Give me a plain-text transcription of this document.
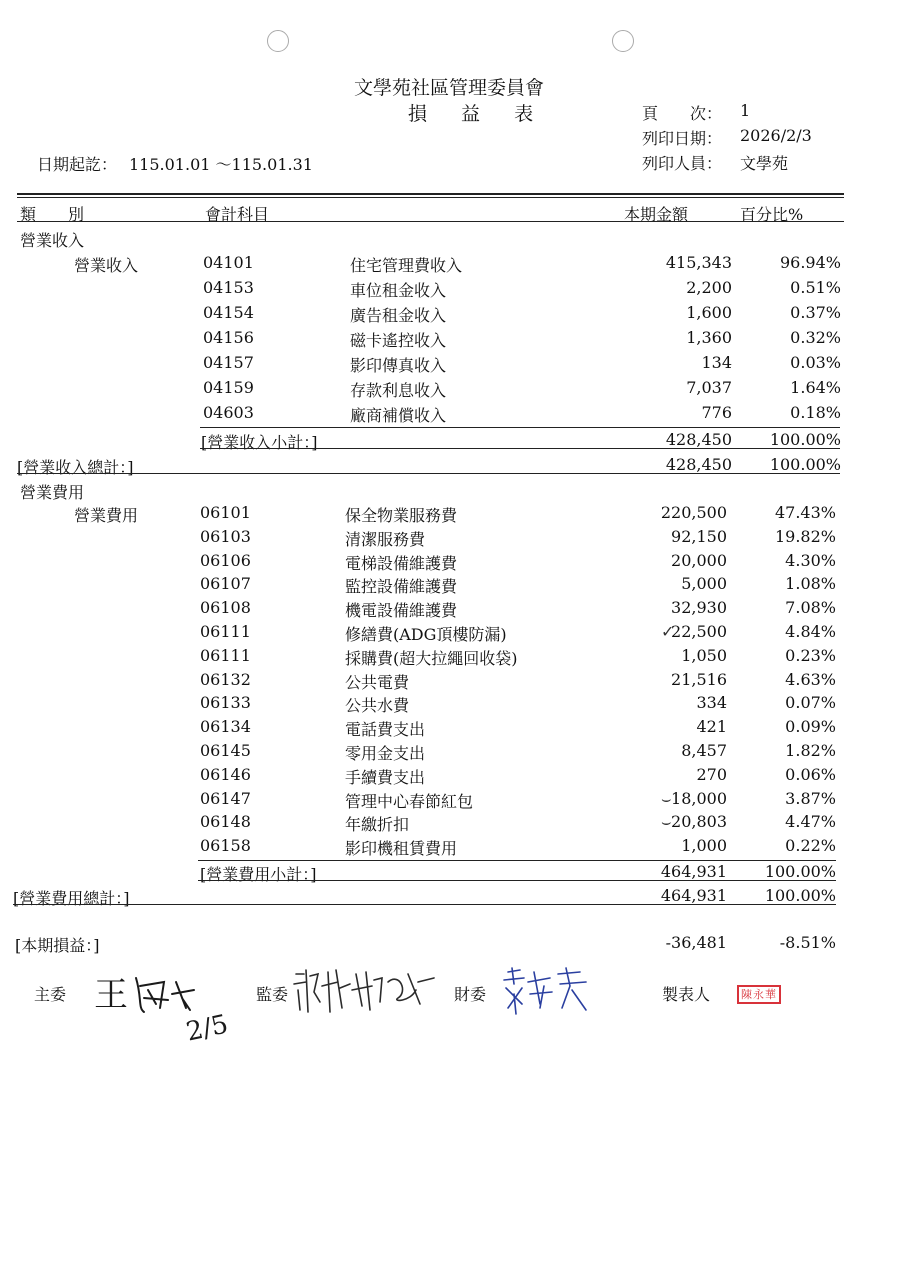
文學苑社區管理委員會
損 益 表	頁　　次： 1
列印日期： 2026/2/3
列印人員： 文學苑
日期起訖： 115.01.01 ～115.01.31
類　　別	會計科目	本期金額	百分比%
營業收入
營業收入	04101	住宅管理費收入	415,343	96.94%
04153	車位租金收入	2,200	0.51%
04154	廣告租金收入	1,600	0.37%
04156	磁卡遙控收入	1,360	0.32%
04157	影印傳真收入	134	0.03%
04159	存款利息收入	7,037	1.64%
04603	廠商補償收入	776	0.18%
[營業收入小計：]	428,450	100.00%
[營業收入總計：]	428,450	100.00%
營業費用
營業費用	06101	保全物業服務費	220,500	47.43%
06103	清潔服務費	92,150	19.82%
06106	電梯設備維護費	20,000	4.30%
06107	監控設備維護費	5,000	1.08%
06108	機電設備維護費	32,930	7.08%
06111	修繕費(ADG頂樓防漏)	22,500	4.84%
✓
06111	採購費(超大拉繩回收袋)	1,050	0.23%
06132	公共電費	21,516	4.63%
06133	公共水費	334	0.07%
06134	電話費支出	421	0.09%
06145	零用金支出	8,457	1.82%
06146	手續費支出	270	0.06%
06147	管理中心春節紅包	18,000	3.87%
⌣
06148	年繳折扣	20,803	4.47%
⌣
06158	影印機租賃費用	1,000	0.22%
[營業費用小計：]	464,931	100.00%
[營業費用總計：]	464,931	100.00%
[本期損益：]	-36,481	-8.51%
主委 王
2/5
監委	財委	製表人	陳永華
